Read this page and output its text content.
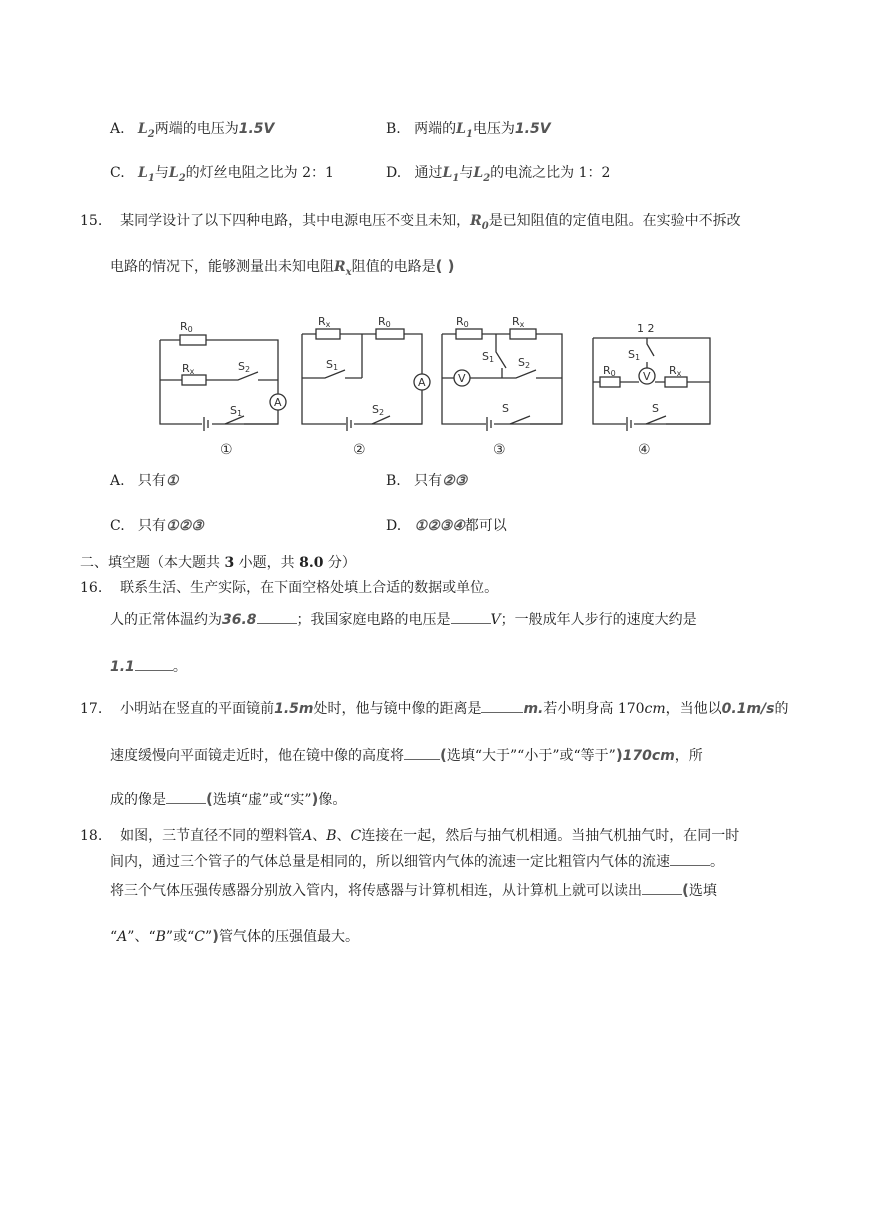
A. $L_2$两端的电压为1.5V	B. 两端的$L_1$电压为1.5V
C. $L_1$与$L_2$的灯丝电阻之比为 2：1	D. 通过$L_1$与$L_2$的电流之比为 1：2
15. 某同学设计了以下四种电路，其中电源电压不变且未知，$R_0$是已知阻值的定值电阻。在实验中不拆改
电路的情况下，能够测量出未知电阻$R_x$阻值的电路是( )
R0
Rx	S2
S1
A
Rx	R0
S1
S2
A
R0	Rx
S1 S2
V
S
1 2
S1
R0	Rx
V
S
①	②	③	④
A. 只有①	B. 只有②③
C. 只有①②③	D. ①②③④都可以
二、填空题（本大题共 3 小题，共 8.0 分）
16. 联系生活、生产实际，在下面空格处填上合适的数据或单位。
人的正常体温约为36.8	；我国家庭电路的电压是	V；一般成年人步行的速度大约是
1.1	。
17. 小明站在竖直的平面镜前1.5m处时，他与镜中像的距离是	m.若小明身高 170cm，当他以0.1m/s的
速度缓慢向平面镜走近时，他在镜中像的高度将 (选填“大于”“小于”或“等于”)170cm，所
成的像是	(选填“虚”或“实”)像。
18. 如图，三节直径不同的塑料管A、B、C连接在一起，然后与抽气机相通。当抽气机抽气时，在同一时
间内，通过三个管子的气体总量是相同的，所以细管内气体的流速一定比粗管内气体的流速	。
将三个气体压强传感器分别放入管内，将传感器与计算机相连，从计算机上就可以读出	(选填
“A”、“B”或“C”)管气体的压强值最大。
